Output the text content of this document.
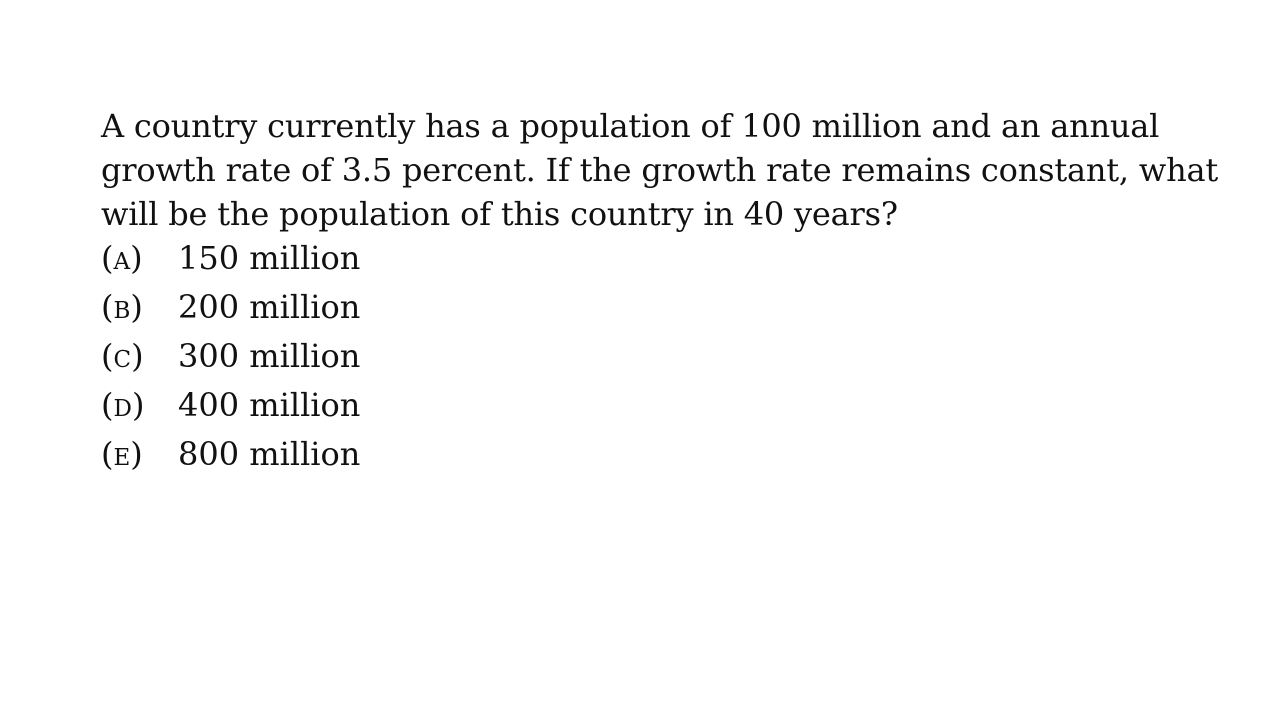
A country currently has a population of 100 million and an annual
growth rate of 3.5 percent. If the growth rate remains constant, what
will be the population of this country in 40 years?

(A)	150 million
(B)	200 million
(C)	300 million
(D)	400 million
(E)	800 million
